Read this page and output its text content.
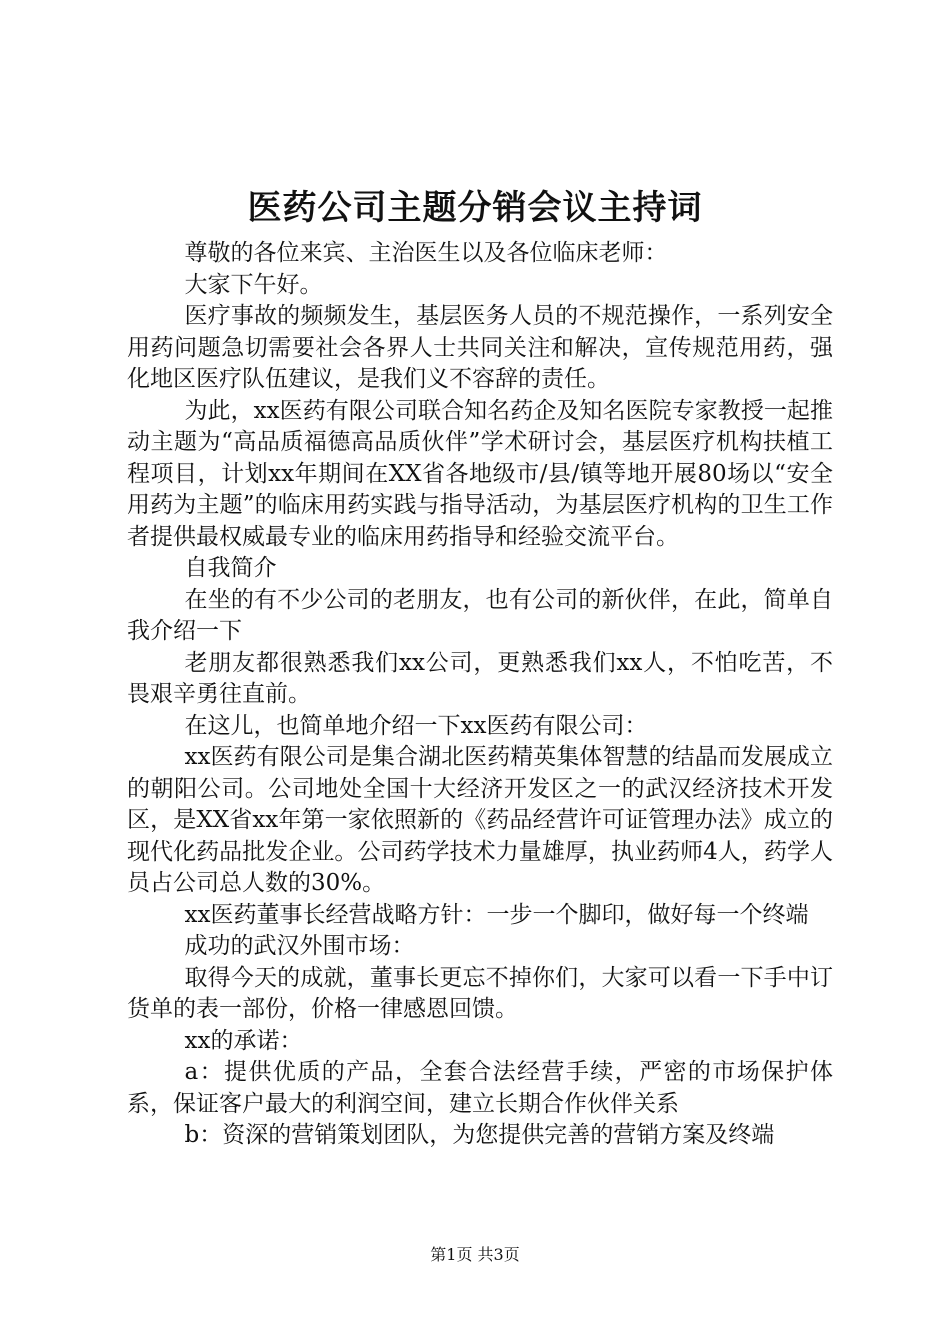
医药公司主题分销会议主持词

尊敬的各位来宾、主治医生以及各位临床老师：

大家下午好。

医疗事故的频频发生，基层医务人员的不规范操作，一系列安全用药问题急切需要社会各界人士共同关注和解决，宣传规范用药，强化地区医疗队伍建议，是我们义不容辞的责任。

为此，xx医药有限公司联合知名药企及知名医院专家教授一起推动主题为“高品质福德高品质伙伴”学术研讨会，基层医疗机构扶植工程项目，计划xx年期间在XX省各地级市/县/镇等地开展80场以“安全用药为主题”的临床用药实践与指导活动，为基层医疗机构的卫生工作者提供最权威最专业的临床用药指导和经验交流平台。

自我简介

在坐的有不少公司的老朋友，也有公司的新伙伴，在此，简单自我介绍一下

老朋友都很熟悉我们xx公司，更熟悉我们xx人，不怕吃苦，不畏艰辛勇往直前。

在这儿，也简单地介绍一下xx医药有限公司：

xx医药有限公司是集合湖北医药精英集体智慧的结晶而发展成立的朝阳公司。公司地处全国十大经济开发区之一的武汉经济技术开发区，是XX省xx年第一家依照新的《药品经营许可证管理办法》成立的现代化药品批发企业。公司药学技术力量雄厚，执业药师4人，药学人员占公司总人数的30%。

xx医药董事长经营战略方针：一步一个脚印，做好每一个终端

成功的武汉外围市场：

取得今天的成就，董事长更忘不掉你们，大家可以看一下手中订货单的表一部份，价格一律感恩回馈。

xx的承诺：

a：提供优质的产品，全套合法经营手续，严密的市场保护体系，保证客户最大的利润空间，建立长期合作伙伴关系

b：资深的营销策划团队，为您提供完善的营销方案及终端

第1页 共3页
